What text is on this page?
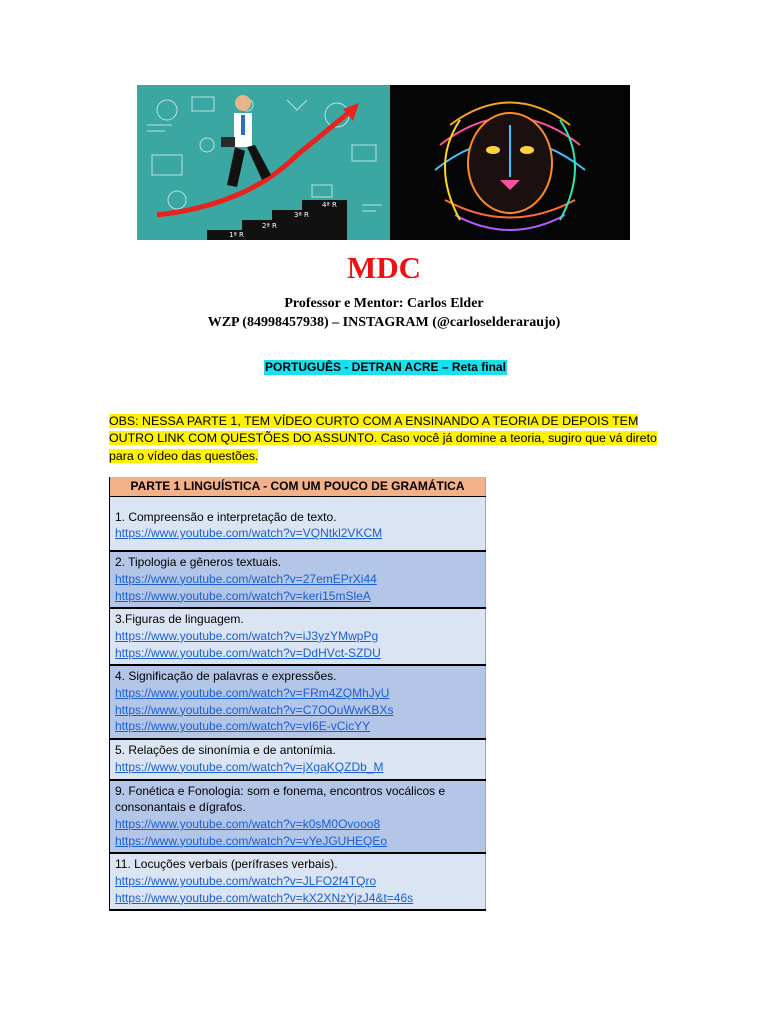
1ª R
2ª R
3ª R
4ª R
MDC
Professor e Mentor: Carlos Elder
WZP (84998457938) – INSTAGRAM (@carloselderaraujo)
PORTUGUÊS - DETRAN ACRE – Reta final
OBS: NESSA PARTE 1, TEM VÍDEO CURTO COM A ENSINANDO A TEORIA DE DEPOIS TEM OUTRO LINK COM QUESTÕES DO ASSUNTO. Caso você já domine a teoria, sugiro que vá direto para o vídeo das questões.
PARTE 1 LINGUÍSTICA - COM UM POUCO DE GRAMÁTICA

1. Compreensão e interpretação de texto.
https://www.youtube.com/watch?v=VQNtkl2VKCM

2. Tipologia e gêneros textuais.
https://www.youtube.com/watch?v=27emEPrXi44
https://www.youtube.com/watch?v=keri15mSleA

3.Figuras de linguagem.
https://www.youtube.com/watch?v=iJ3yzYMwpPg
https://www.youtube.com/watch?v=DdHVct-SZDU

4. Significação de palavras e expressões.
https://www.youtube.com/watch?v=FRm4ZQMhJyU
https://www.youtube.com/watch?v=C7OOuWwKBXs
https://www.youtube.com/watch?v=vI6E-vCicYY

5. Relações de sinonímia e de antonímia.
https://www.youtube.com/watch?v=jXgaKQZDb_M

9. Fonética e Fonologia: som e fonema, encontros vocálicos e consonantais e dígrafos.
https://www.youtube.com/watch?v=k0sM0Ovooo8
https://www.youtube.com/watch?v=vYeJGUHEQEo

11. Locuções verbais (perífrases verbais).
https://www.youtube.com/watch?v=JLFO2f4TQro
https://www.youtube.com/watch?v=kX2XNzYjzJ4&t=46s
